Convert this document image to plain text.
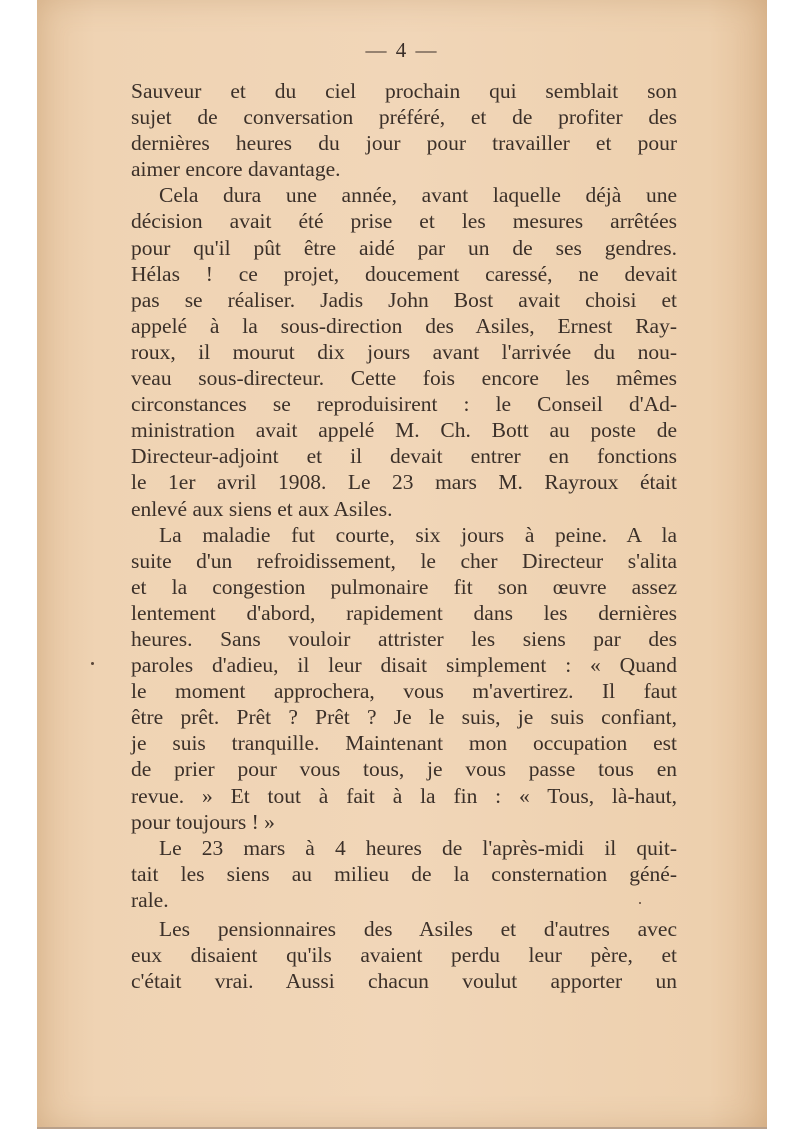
— 4 —
Sauveur et du ciel prochain qui semblait son
sujet de conversation préféré, et de profiter des
dernières heures du jour pour travailler et pour
aimer encore davantage.
Cela dura une année, avant laquelle déjà une
décision avait été prise et les mesures arrêtées
pour qu'il pût être aidé par un de ses gendres.
Hélas ! ce projet, doucement caressé, ne devait
pas se réaliser. Jadis John Bost avait choisi et
appelé à la sous-direction des Asiles, Ernest Ray-
roux, il mourut dix jours avant l'arrivée du nou-
veau sous-directeur. Cette fois encore les mêmes
circonstances se reproduisirent : le Conseil d'Ad-
ministration avait appelé M. Ch. Bott au poste de
Directeur-adjoint et il devait entrer en fonctions
le 1er avril 1908. Le 23 mars M. Rayroux était
enlevé aux siens et aux Asiles.
La maladie fut courte, six jours à peine. A la
suite d'un refroidissement, le cher Directeur s'alita
et la congestion pulmonaire fit son œuvre assez
lentement d'abord, rapidement dans les dernières
heures. Sans vouloir attrister les siens par des
paroles d'adieu, il leur disait simplement : « Quand
le moment approchera, vous m'avertirez. Il faut
être prêt. Prêt ? Prêt ? Je le suis, je suis confiant,
je suis tranquille. Maintenant mon occupation est
de prier pour vous tous, je vous passe tous en
revue. » Et tout à fait à la fin : « Tous, là-haut,
pour toujours ! »
Le 23 mars à 4 heures de l'après-midi il quit-
tait les siens au milieu de la consternation géné-
rale.
Les pensionnaires des Asiles et d'autres avec
eux disaient qu'ils avaient perdu leur père, et
c'était vrai. Aussi chacun voulut apporter un
